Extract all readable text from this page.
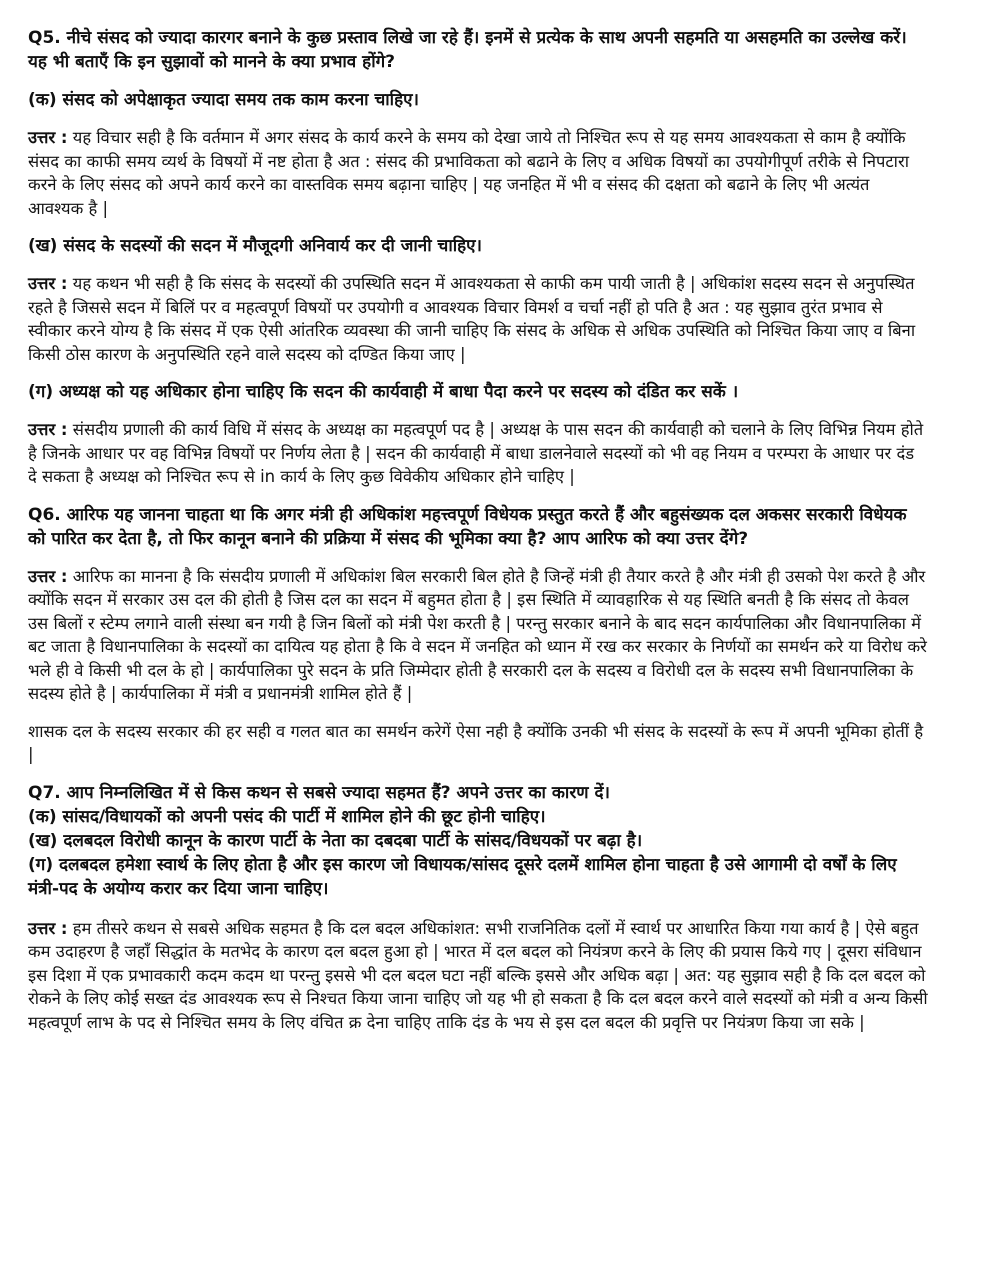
Q5. नीचे संसद को ज्यादा कारगर बनाने के कुछ प्रस्ताव लिखे जा रहे हैं। इनमें से प्रत्येक के साथ अपनी सहमति या असहमति का उल्लेख करें। यह भी बताएँ कि इन सुझावों को मानने के क्या प्रभाव होंगे?

(क) संसद को अपेक्षाकृत ज्यादा समय तक काम करना चाहिए।

उत्तर : यह विचार सही है कि वर्तमान में अगर संसद के कार्य करने के समय को देखा जाये तो निश्चित रूप से यह समय आवश्यकता से काम है क्योंकि संसद का काफी समय व्यर्थ के विषयों में नष्ट होता है अत : संसद की प्रभाविकता को बढाने के लिए व अधिक विषयों का उपयोगीपूर्ण तरीके से निपटारा करने के लिए संसद को अपने कार्य करने का वास्तविक समय बढ़ाना चाहिए | यह जनहित में भी व संसद की दक्षता को बढाने के लिए भी अत्यंत आवश्यक है |

(ख) संसद के सदस्यों की सदन में मौजूदगी अनिवार्य कर दी जानी चाहिए।

उत्तर : यह कथन भी सही है कि संसद के सदस्यों की उपस्थिति सदन में आवश्यकता से काफी कम पायी जाती है | अधिकांश सदस्य सदन से अनुपस्थित रहते है जिससे सदन में बिलिं पर व महत्वपूर्ण विषयों पर उपयोगी व आवश्यक विचार विमर्श व चर्चा नहीं हो पति है अत : यह सुझाव तुरंत प्रभाव से स्वीकार करने योग्य है कि संसद में एक ऐसी आंतरिक व्यवस्था की जानी चाहिए कि संसद के अधिक से अधिक उपस्थिति को निश्चित किया जाए व बिना किसी ठोस कारण के अनुपस्थिति रहने वाले सदस्य को दण्डित किया जाए |

(ग) अध्यक्ष को यह अधिकार होना चाहिए कि सदन की कार्यवाही में बाधा पैदा करने पर सदस्य को दंडित कर सकें ।

उत्तर : संसदीय प्रणाली की कार्य विधि में संसद के अध्यक्ष का महत्वपूर्ण पद है | अध्यक्ष के पास सदन की कार्यवाही को चलाने के लिए विभिन्न नियम होते है जिनके आधार पर वह विभिन्न विषयों पर निर्णय लेता है | सदन की कार्यवाही में बाधा डालनेवाले सदस्यों को भी वह नियम व परम्परा के आधार पर दंड दे सकता है अध्यक्ष को निश्चित रूप से in कार्य के लिए कुछ विवेकीय अधिकार होने चाहिए |

Q6. आरिफ यह जानना चाहता था कि अगर मंत्री ही अधिकांश महत्त्वपूर्ण विधेयक प्रस्तुत करते हैं और बहुसंख्यक दल अकसर सरकारी विधेयक को पारित कर देता है, तो फिर कानून बनाने की प्रक्रिया में संसद की भूमिका क्या है? आप आरिफ को क्या उत्तर देंगे?

उत्तर : आरिफ का मानना है कि संसदीय प्रणाली में अधिकांश बिल सरकारी बिल होते है जिन्हें मंत्री ही तैयार करते है और मंत्री ही उसको पेश करते है और क्योंकि सदन में सरकार उस दल की होती है जिस दल का सदन में बहुमत होता है | इस स्थिति में व्यावहारिक से यह स्थिति बनती है कि संसद तो केवल उस बिलों र स्टेम्प लगाने वाली संस्था बन गयी है जिन बिलों को मंत्री पेश करती है | परन्तु सरकार बनाने के बाद सदन कार्यपालिका और विधानपालिका में बट जाता है विधानपालिका के सदस्यों का दायित्व यह होता है कि वे सदन में जनहित को ध्यान में रख कर सरकार के निर्णयों का समर्थन करे या विरोध करे भले ही वे किसी भी दल के हो | कार्यपालिका पुरे सदन के प्रति जिम्मेदार होती है सरकारी दल के सदस्य व विरोधी दल के सदस्य सभी विधानपालिका के सदस्य होते है | कार्यपालिका में मंत्री व प्रधानमंत्री शामिल होते हैं |

शासक दल के सदस्य सरकार की हर सही व गलत बात का समर्थन करेगें ऐसा नही है क्योंकि उनकी भी संसद के सदस्यों के रूप में अपनी भूमिका होतीं है |

Q7. आप निम्नलिखित में से किस कथन से सबसे ज्यादा सहमत हैं? अपने उत्तर का कारण दें।

(क) सांसद/विधायकों को अपनी पसंद की पार्टी में शामिल होने की छूट होनी चाहिए।

(ख) दलबदल विरोधी कानून के कारण पार्टी के नेता का दबदबा पार्टी के सांसद/विधयकों पर बढ़ा है।

(ग) दलबदल हमेशा स्वार्थ के लिए होता है और इस कारण जो विधायक/सांसद दूसरे दलमें शामिल होना चाहता है उसे आगामी दो वर्षों के लिए मंत्री-पद के अयोग्य करार कर दिया जाना चाहिए।

उत्तर : हम तीसरे कथन से सबसे अधिक सहमत है कि दल बदल अधिकांशत: सभी राजनितिक दलों में स्वार्थ पर आधारित किया गया कार्य है | ऐसे बहुत कम उदाहरण है जहाँ सिद्धांत के मतभेद के कारण दल बदल हुआ हो | भारत में दल बदल को नियंत्रण करने के लिए की प्रयास किये गए | दूसरा संविधान इस दिशा में एक प्रभावकारी कदम कदम था परन्तु इससे भी दल बदल घटा नहीं बल्कि इससे और अधिक बढ़ा | अत: यह सुझाव सही है कि दल बदल को रोकने के लिए कोई सख्त दंड आवश्यक रूप से निश्चत किया जाना चाहिए जो यह भी हो सकता है कि दल बदल करने वाले सदस्यों को मंत्री व अन्य किसी महत्वपूर्ण लाभ के पद से निश्चित समय के लिए वंचित क्र देना चाहिए ताकि दंड के भय से इस दल बदल की प्रवृत्ति पर नियंत्रण किया जा सके |
